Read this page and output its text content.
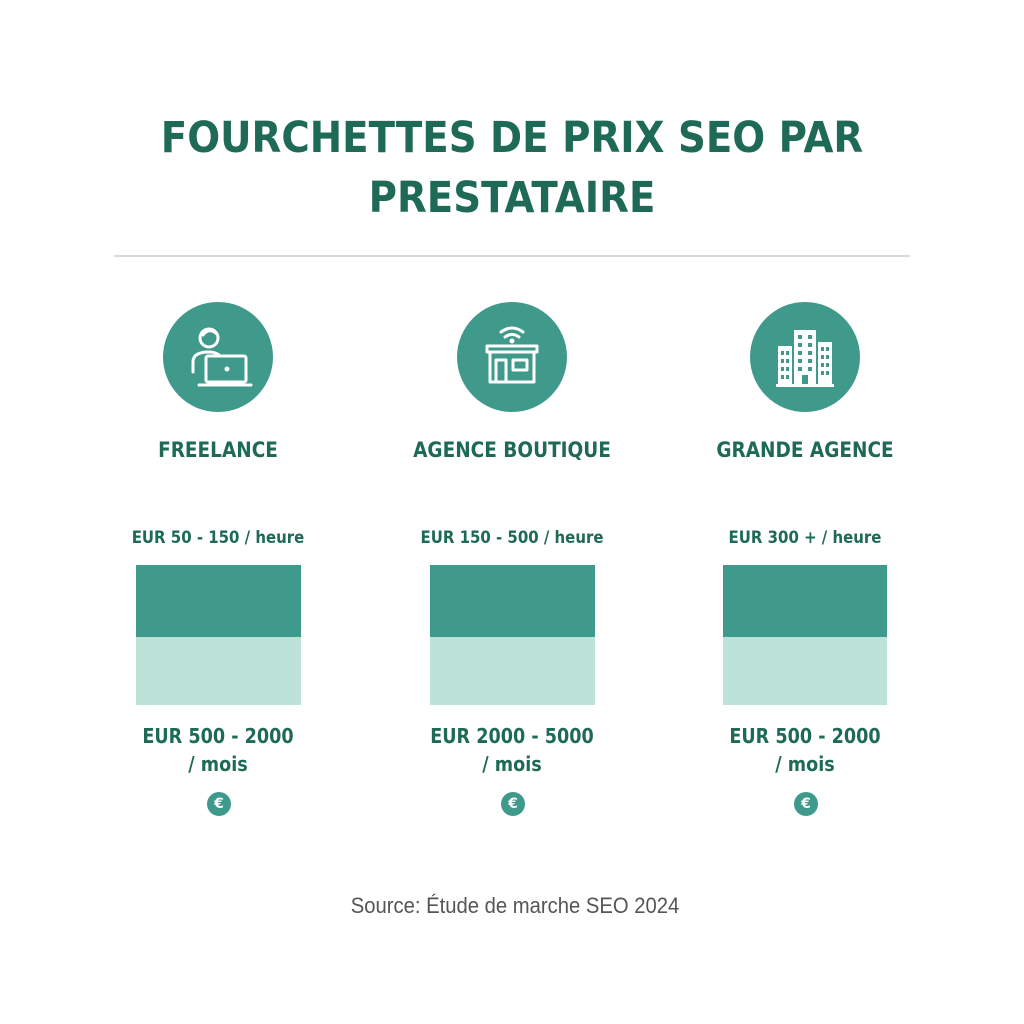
FOURCHETTES DE PRIX SEO PAR
PRESTATAIRE
FREELANCE
EUR 50 - 150 / heure
EUR 500 - 2000
/ mois
€
AGENCE BOUTIQUE
EUR 150 - 500 / heure
EUR 2000 - 5000
/ mois
€
GRANDE AGENCE
EUR 300 + / heure
EUR 500 - 2000
/ mois
€
Source: Étude de marche SEO 2024
